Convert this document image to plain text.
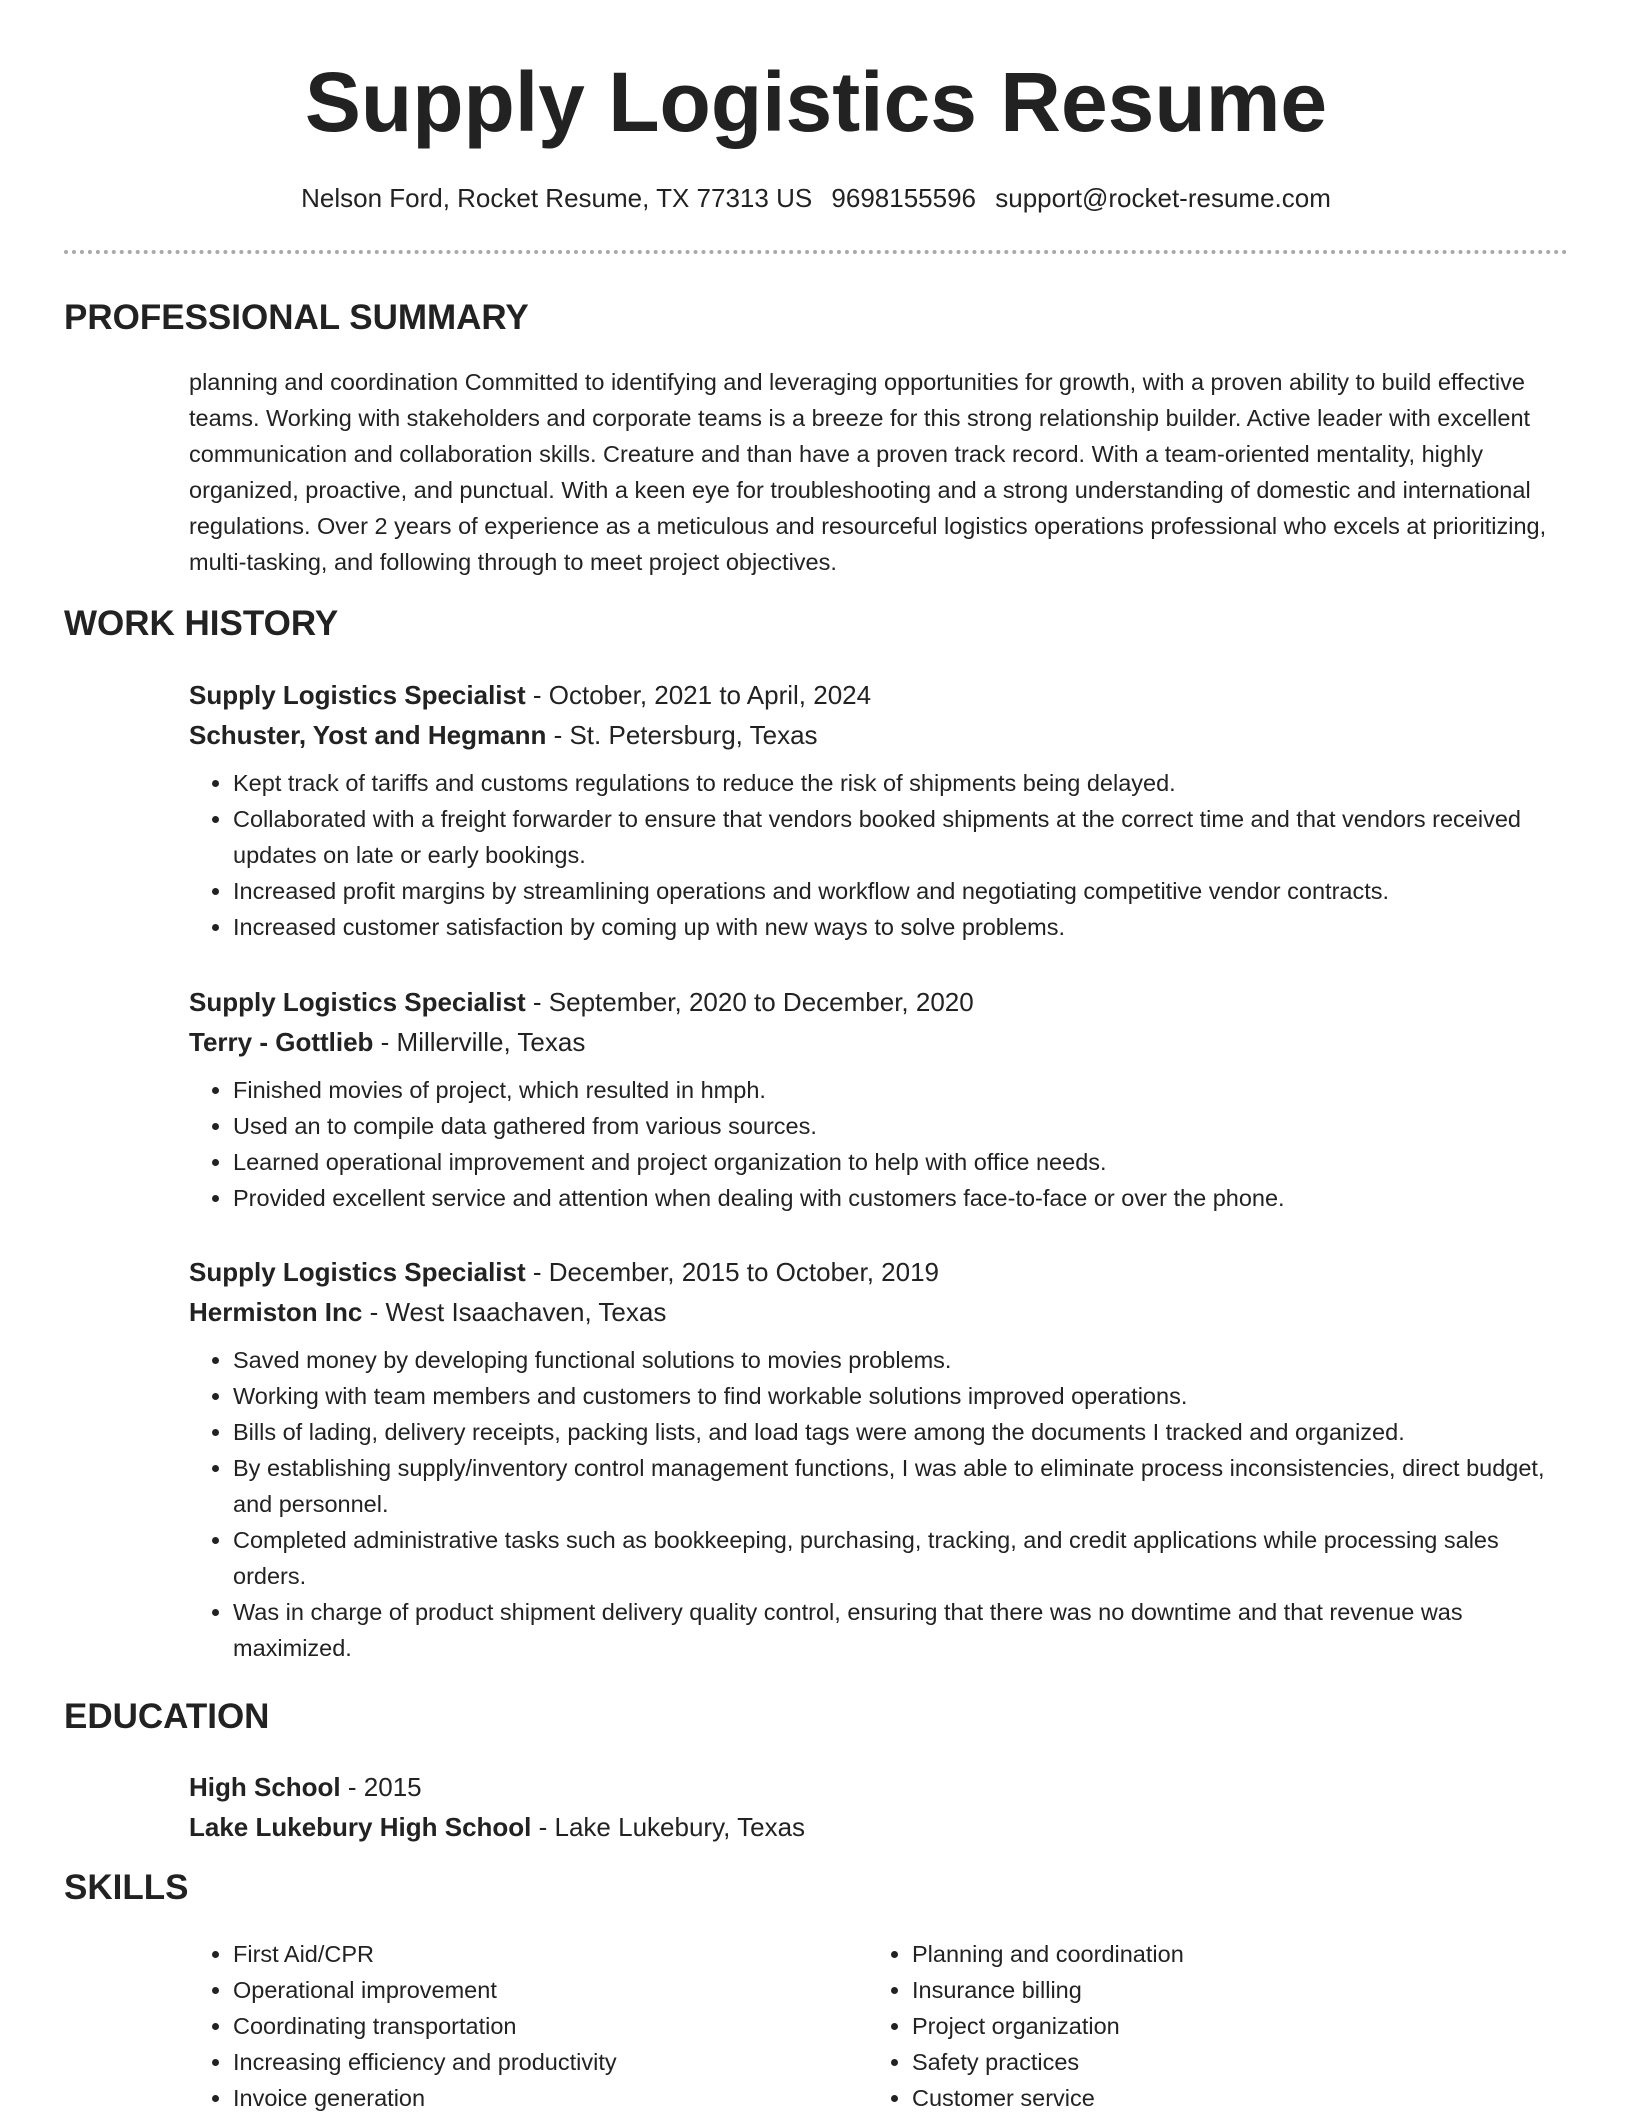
Supply Logistics Resume
Nelson Ford, Rocket Resume, TX 77313 US 9698155596 support@rocket-resume.com
PROFESSIONAL SUMMARY

planning and coordination Committed to identifying and leveraging opportunities for growth, with a proven ability to build effective teams. Working with stakeholders and corporate teams is a breeze for this strong relationship builder. Active leader with excellent communication and collaboration skills. Creature and than have a proven track record. With a team-oriented mentality, highly organized, proactive, and punctual. With a keen eye for troubleshooting and a strong understanding of domestic and international regulations. Over 2 years of experience as a meticulous and resourceful logistics operations professional who excels at prioritizing, multi-tasking, and following through to meet project objectives.

WORK HISTORY

Supply Logistics Specialist - October, 2021 to April, 2024

Schuster, Yost and Hegmann - St. Petersburg, Texas

• Kept track of tariffs and customs regulations to reduce the risk of shipments being delayed.
• Collaborated with a freight forwarder to ensure that vendors booked shipments at the correct time and that vendors received updates on late or early bookings.
• Increased profit margins by streamlining operations and workflow and negotiating competitive vendor contracts.
• Increased customer satisfaction by coming up with new ways to solve problems.

Supply Logistics Specialist - September, 2020 to December, 2020

Terry - Gottlieb - Millerville, Texas

• Finished movies of project, which resulted in hmph.
• Used an to compile data gathered from various sources.
• Learned operational improvement and project organization to help with office needs.
• Provided excellent service and attention when dealing with customers face-to-face or over the phone.

Supply Logistics Specialist - December, 2015 to October, 2019

Hermiston Inc - West Isaachaven, Texas

• Saved money by developing functional solutions to movies problems.
• Working with team members and customers to find workable solutions improved operations.
• Bills of lading, delivery receipts, packing lists, and load tags were among the documents I tracked and organized.
• By establishing supply/inventory control management functions, I was able to eliminate process inconsistencies, direct budget, and personnel.
• Completed administrative tasks such as bookkeeping, purchasing, tracking, and credit applications while processing sales orders.
• Was in charge of product shipment delivery quality control, ensuring that there was no downtime and that revenue was maximized.
EDUCATION

High School - 2015

Lake Lukebury High School - Lake Lukebury, Texas

SKILLS
• First Aid/CPR
• Operational improvement
• Coordinating transportation
• Increasing efficiency and productivity
• Invoice generation
• Planning and coordination
• Insurance billing
• Project organization
• Safety practices
• Customer service
